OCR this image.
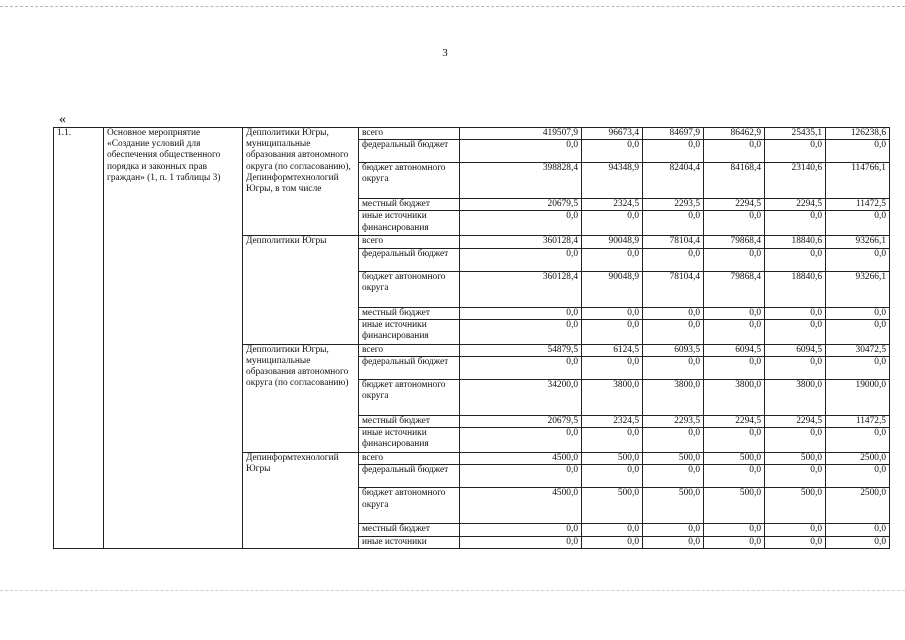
3
«
1.1.	Основное мероприятие «Создание условий для обеспечения общественного порядка и законных прав граждан» (1, п. 1 таблицы 3)	Депполитики Югры, муниципальные образования автономного округа (по согласованию), Депинформтехнологий Югры, в том числе	всего	419507,9	96673,4	84697,9	86462,9	25435,1	126238,6
			федеральный бюджет	0,0	0,0	0,0	0,0	0,0	0,0
			бюджет автономного округа	398828,4	94348,9	82404,4	84168,4	23140,6	114766,1
			местный бюджет	20679,5	2324,5	2293,5	2294,5	2294,5	11472,5
			иные источники финансирования	0,0	0,0	0,0	0,0	0,0	0,0
		Депполитики Югры	всего	360128,4	90048,9	78104,4	79868,4	18840,6	93266,1
			федеральный бюджет	0,0	0,0	0,0	0,0	0,0	0,0
			бюджет автономного округа	360128,4	90048,9	78104,4	79868,4	18840,6	93266,1
			местный бюджет	0,0	0,0	0,0	0,0	0,0	0,0
			иные источники финансирования	0,0	0,0	0,0	0,0	0,0	0,0
		Депполитики Югры, муниципальные образования автономного округа (по согласованию)	всего	54879,5	6124,5	6093,5	6094,5	6094,5	30472,5
			федеральный бюджет	0,0	0,0	0,0	0,0	0,0	0,0
			бюджет автономного округа	34200,0	3800,0	3800,0	3800,0	3800,0	19000,0
			местный бюджет	20679,5	2324,5	2293,5	2294,5	2294,5	11472,5
			иные источники финансирования	0,0	0,0	0,0	0,0	0,0	0,0
		Депинформтехнологий Югры	всего	4500,0	500,0	500,0	500,0	500,0	2500,0
			федеральный бюджет	0,0	0,0	0,0	0,0	0,0	0,0
			бюджет автономного округа	4500,0	500,0	500,0	500,0	500,0	2500,0
			местный бюджет	0,0	0,0	0,0	0,0	0,0	0,0
			иные источники	0,0	0,0	0,0	0,0	0,0	0,0
